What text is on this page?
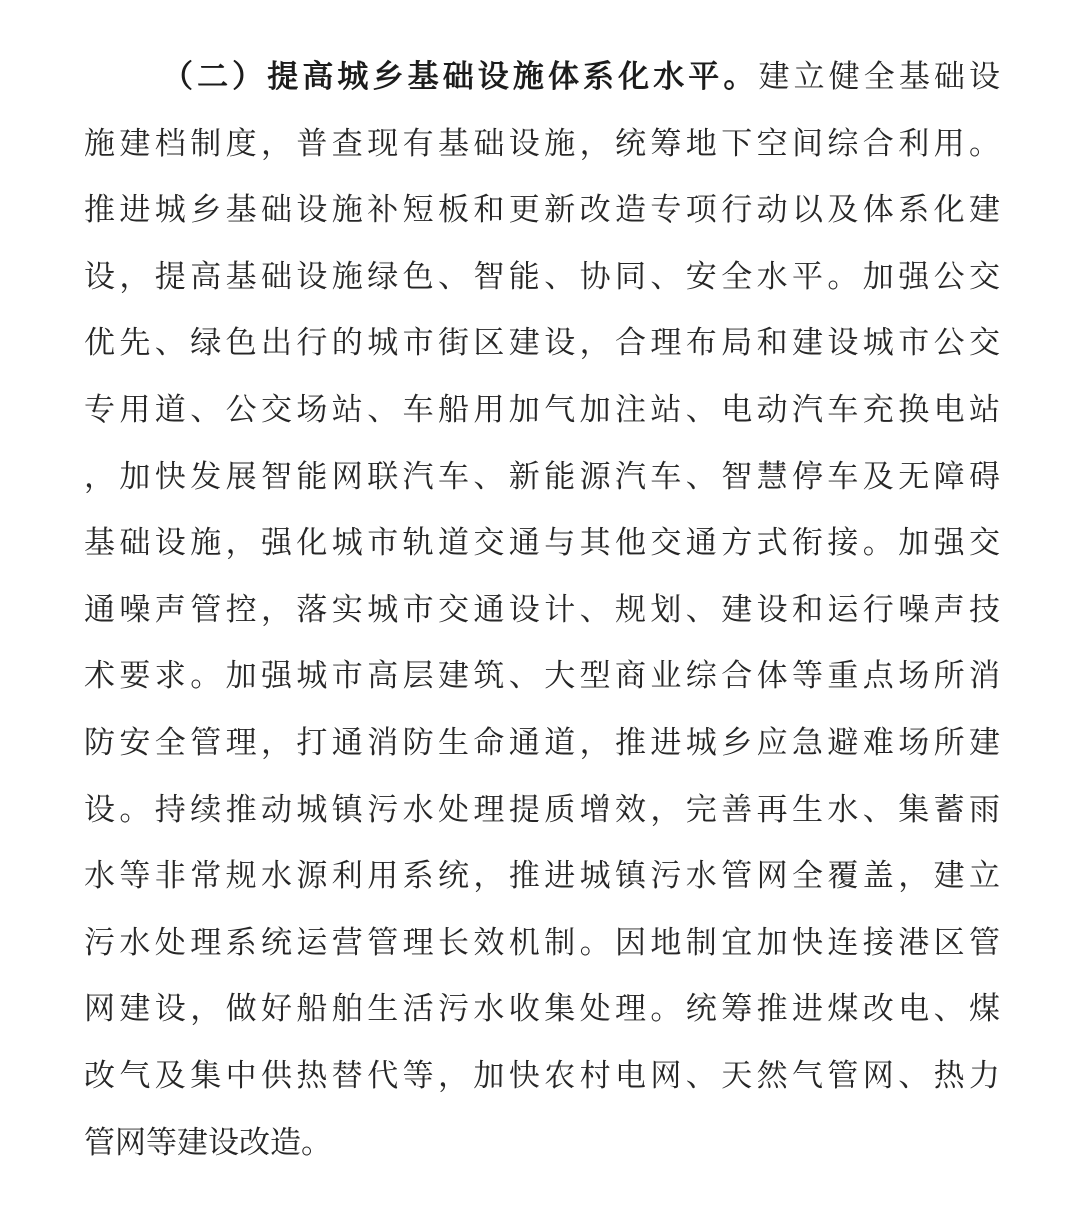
（二）提高城乡基础设施体系化水平。建立健全基础设
施建档制度，普查现有基础设施，统筹地下空间综合利用。
推进城乡基础设施补短板和更新改造专项行动以及体系化建
设，提高基础设施绿色、智能、协同、安全水平。加强公交
优先、绿色出行的城市街区建设，合理布局和建设城市公交
专用道、公交场站、车船用加气加注站、电动汽车充换电站
，加快发展智能网联汽车、新能源汽车、智慧停车及无障碍
基础设施，强化城市轨道交通与其他交通方式衔接。加强交
通噪声管控，落实城市交通设计、规划、建设和运行噪声技
术要求。加强城市高层建筑、大型商业综合体等重点场所消
防安全管理，打通消防生命通道，推进城乡应急避难场所建
设。持续推动城镇污水处理提质增效，完善再生水、集蓄雨
水等非常规水源利用系统，推进城镇污水管网全覆盖，建立
污水处理系统运营管理长效机制。因地制宜加快连接港区管
网建设，做好船舶生活污水收集处理。统筹推进煤改电、煤
改气及集中供热替代等，加快农村电网、天然气管网、热力
管网等建设改造。
